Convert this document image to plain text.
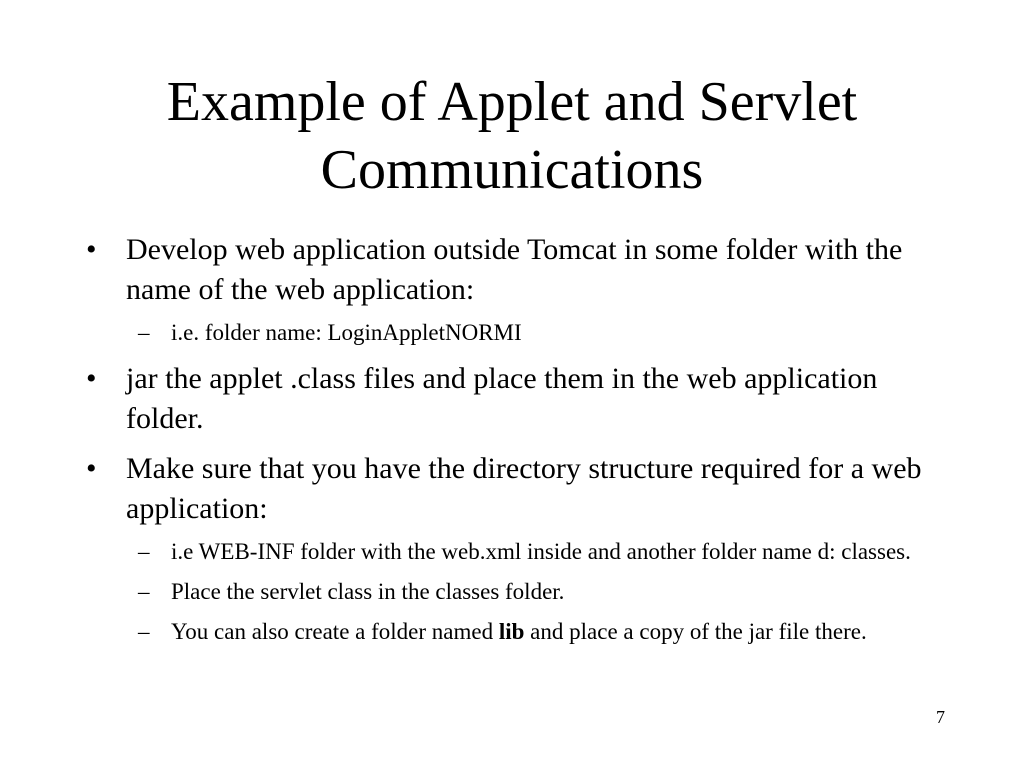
Example of Applet and Servlet
Communications
• Develop web application outside Tomcat in some folder with the name of the web application:
– i.e. folder name: LoginAppletNORMI
• jar the applet .class files and place them in the web application folder.
• Make sure that you have the directory structure required for a web application:
– i.e WEB-INF folder with the web.xml inside and another folder name d: classes.
– Place the servlet class in the classes folder.
– You can also create a folder named lib and place a copy of the jar file there.
7
